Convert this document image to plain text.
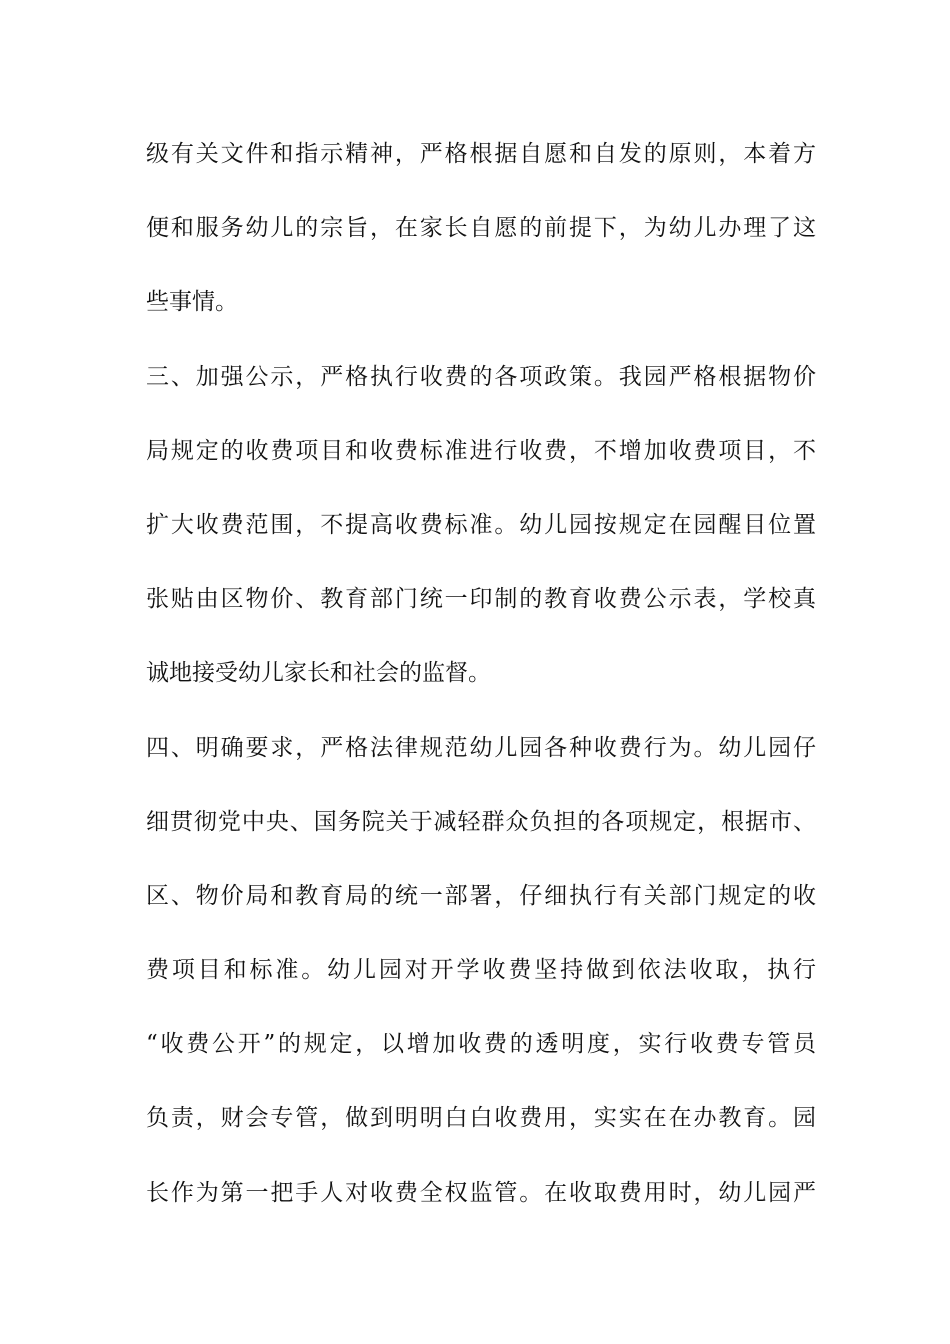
级有关文件和指示精神，严格根据自愿和自发的原则，本着方
便和服务幼儿的宗旨，在家长自愿的前提下，为幼儿办理了这
些事情。
三、加强公示，严格执行收费的各项政策。我园严格根据物价
局规定的收费项目和收费标准进行收费，不增加收费项目，不
扩大收费范围，不提高收费标准。幼儿园按规定在园醒目位置
张贴由区物价、教育部门统一印制的教育收费公示表，学校真
诚地接受幼儿家长和社会的监督。
四、明确要求，严格法律规范幼儿园各种收费行为。幼儿园仔
细贯彻党中央、国务院关于减轻群众负担的各项规定，根据市、
区、物价局和教育局的统一部署，仔细执行有关部门规定的收
费项目和标准。幼儿园对开学收费坚持做到依法收取，执行
“收费公开”的规定，以增加收费的透明度，实行收费专管员
负责，财会专管，做到明明白白收费用，实实在在办教育。园
长作为第一把手人对收费全权监管。在收取费用时，幼儿园严
